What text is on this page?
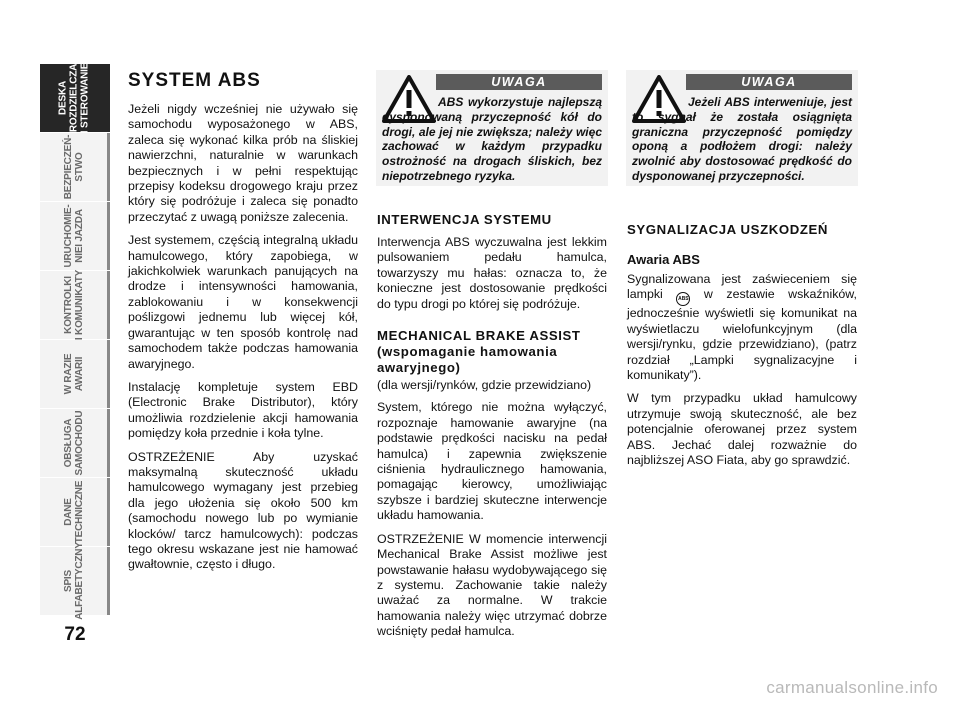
DESKA
ROZDZIELCZA
I STEROWANIE
BEZPIECZEŃ-
STWO
URUCHOMIE-
NIEI JAZDA
KONTROLKI
I KOMUNIKATY
W RAZIE
AWARII
OBSŁUGA
SAMOCHODU
DANE
TECHNICZNE
SPIS
ALFABETYCZNY
72
SYSTEM ABS

Jeżeli nigdy wcześniej nie używało się samochodu wyposażonego w ABS, zaleca się wykonać kilka prób na śliskiej nawierzchni, naturalnie w warunkach bezpiecznych i w pełni respektując przepisy kodeksu drogowego kraju przez który się podróżuje i zaleca się ponadto przeczytać z uwagą poniższe zalecenia.

Jest systemem, częścią integralną układu hamulcowego, który zapobiega, w jakichkolwiek warunkach panujących na drodze i intensywności hamowania, zablokowaniu i w konsekwencji poślizgowi jednemu lub więcej kół, gwarantując w ten sposób kontrolę nad samochodem także podczas hamowania awaryjnego.

Instalację kompletuje system EBD (Electronic Brake Distributor), który umożliwia rozdzielenie akcji hamowania pomiędzy koła przednie i koła tylne.

OSTRZEŻENIE Aby uzyskać maksymalną skuteczność układu hamulcowego wymagany jest przebieg dla jego ułożenia się około 500 km (samochodu nowego lub po wymianie klocków/ tarcz hamulcowych): podczas tego okresu wskazane jest nie hamować gwałtownie, często i długo.

UWAGA
ABS wykorzystuje najlepszą dysponowaną przyczepność kół do drogi, ale jej nie zwiększa; należy więc zachować w każdym przypadku ostrożność na drogach śliskich, bez niepotrzebnego ryzyka.
UWAGA
Jeżeli ABS interweniuje, jest to sygnał że została osiągnięta graniczna przyczepność pomiędzy oponą a podłożem drogi: należy zwolnić aby dostosować prędkość do dysponowanej przyczepności.
INTERWENCJA SYSTEMU

Interwencja ABS wyczuwalna jest lekkim pulsowaniem pedału hamulca, towarzyszy mu hałas: oznacza to, że konieczne jest dostosowanie prędkości do typu drogi po której się podróżuje.

MECHANICAL BRAKE ASSIST (wspomaganie hamowania awaryjnego)
(dla wersji/rynków, gdzie przewidziano)

System, którego nie można wyłączyć, rozpoznaje hamowanie awaryjne (na podstawie prędkości nacisku na pedał hamulca) i zapewnia zwiększenie ciśnienia hydraulicznego hamowania, pomagając kierowcy, umożliwiając szybsze i bardziej skuteczne interwencje układu hamowania.

OSTRZEŻENIE W momencie interwencji Mechanical Brake Assist możliwe jest powstawanie hałasu wydobywającego się z systemu. Zachowanie takie należy uważać za normalne. W trakcie hamowania należy więc utrzymać dobrze wciśnięty pedał hamulca.

SYGNALIZACJA USZKODZEŃ
Awaria ABS

Sygnalizowana jest zaświeceniem się lampki	ABS w zestawie wskaźników, jednocześnie wyświetli się komunikat na wyświetlaczu wielofunkcyjnym (dla wersji/rynku, gdzie przewidziano), (patrz rozdział „Lampki sygnalizacyjne i komunikaty”).

W tym przypadku układ hamulcowy utrzymuje swoją skuteczność, ale bez potencjalnie oferowanej przez system ABS. Jechać dalej rozważnie do najbliższej ASO Fiata, aby go sprawdzić.

carmanualsonline.info
